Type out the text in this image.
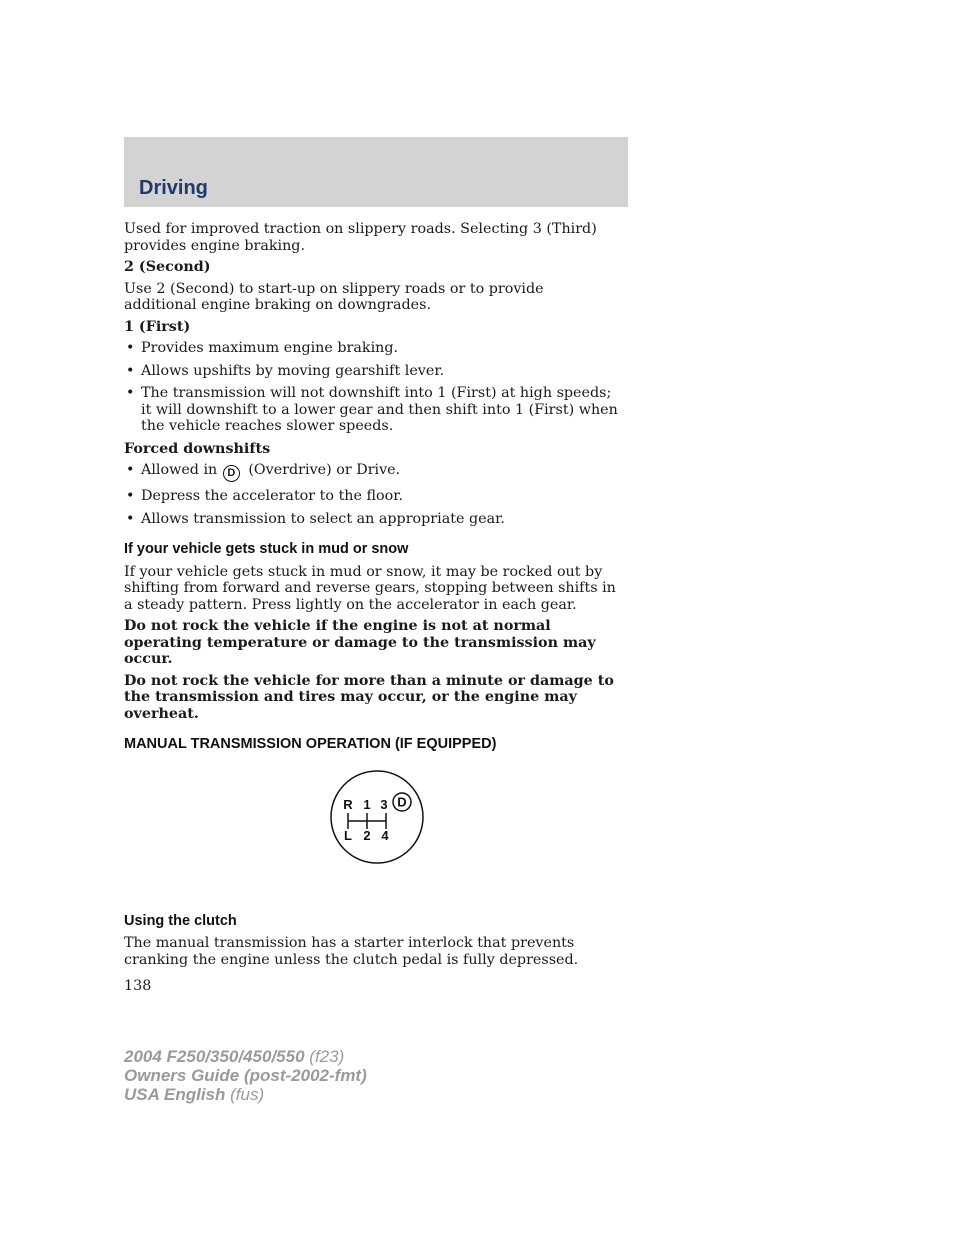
Driving

Used for improved traction on slippery roads. Selecting 3 (Third) provides engine braking.

2 (Second)

Use 2 (Second) to start-up on slippery roads or to provide additional engine braking on downgrades.

1 (First)

• Provides maximum engine braking.
• Allows upshifts by moving gearshift lever.
• The transmission will not downshift into 1 (First) at high speeds; it will downshift to a lower gear and then shift into 1 (First) when the vehicle reaches slower speeds.

Forced downshifts

• Allowed in D (Overdrive) or Drive.
• Depress the accelerator to the floor.
• Allows transmission to select an appropriate gear.

If your vehicle gets stuck in mud or snow

If your vehicle gets stuck in mud or snow, it may be rocked out by shifting from forward and reverse gears, stopping between shifts in a steady pattern. Press lightly on the accelerator in each gear.

Do not rock the vehicle if the engine is not at normal operating temperature or damage to the transmission may occur.

Do not rock the vehicle for more than a minute or damage to the transmission and tires may occur, or the engine may overheat.

MANUAL TRANSMISSION OPERATION (IF EQUIPPED)

R 1 3 D
L 2 4

Using the clutch

The manual transmission has a starter interlock that prevents cranking the engine unless the clutch pedal is fully depressed.

138

2004 F250/350/450/550 (f23)
Owners Guide (post-2002-fmt)
USA English (fus)
